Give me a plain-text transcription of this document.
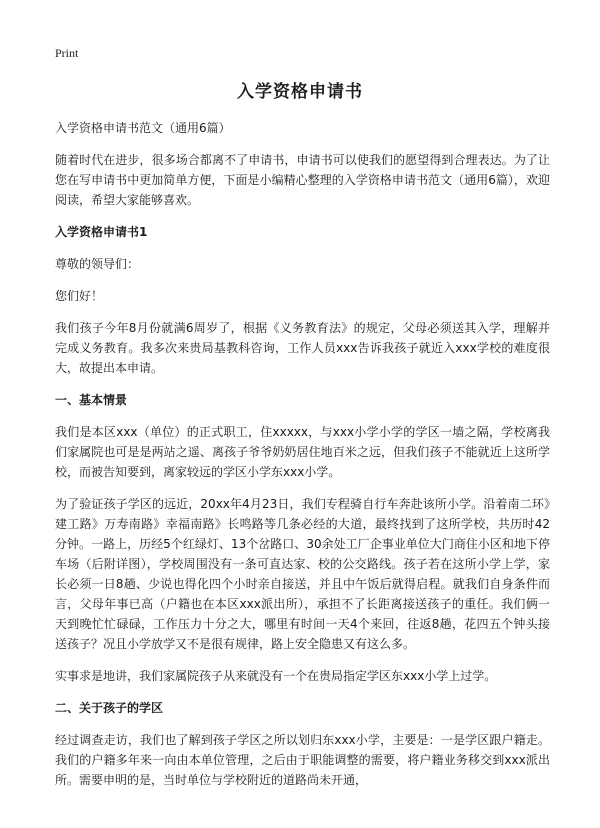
Print

入学资格申请书

入学资格申请书范文（通用6篇）

随着时代在进步，很多场合都离不了申请书，申请书可以使我们的愿望得到合理表达。为了让您在写申请书中更加简单方便，下面是小编精心整理的入学资格申请书范文（通用6篇），欢迎阅读，希望大家能够喜欢。

入学资格申请书1

尊敬的领导们：

您们好！

我们孩子今年8月份就满6周岁了，根据《义务教育法》的规定，父母必须送其入学，理解并完成义务教育。我多次来贵局基教科咨询，工作人员xxx告诉我孩子就近入xxx学校的难度很大，故提出本申请。

一、基本情景

我们是本区xxx（单位）的正式职工，住xxxxx，与xxx小学小学的学区一墙之隔，学校离我们家属院也可是是两站之遥、离孩子爷爷奶奶居住地百米之远，但我们孩子不能就近上这所学校，而被告知要到，离家较远的学区小学东xxx小学。

为了验证孩子学区的远近，20xx年4月23日，我们专程骑自行车奔赴该所小学。沿着南二环》建工路》万寿南路》幸福南路》长鸣路等几条必经的大道，最终找到了这所学校，共历时42分钟。一路上，历经5个红绿灯、13个岔路口、30余处工厂企事业单位大门商住小区和地下停车场（后附详图），学校周围没有一条可直达家、校的公交路线。孩子若在这所小学上学，家长必须一日8趟、少说也得化四个小时亲自接送，并且中午饭后就得启程。就我们自身条件而言，父母年事已高（户籍也在本区xxx派出所），承担不了长距离接送孩子的重任。我们俩一天到晚忙忙碌碌，工作压力十分之大，哪里有时间一天4个来回，往返8趟，花四五个钟头接送孩子？况且小学放学又不是很有规律，路上安全隐患又有这么多。

实事求是地讲，我们家属院孩子从来就没有一个在贵局指定学区东xxx小学上过学。

二、关于孩子的学区

经过调查走访，我们也了解到孩子学区之所以划归东xxx小学，主要是：一是学区跟户籍走。我们的户籍多年来一向由本单位管理，之后由于职能调整的需要，将户籍业务移交到xxx派出所。需要申明的是，当时单位与学校附近的道路尚未开通，
